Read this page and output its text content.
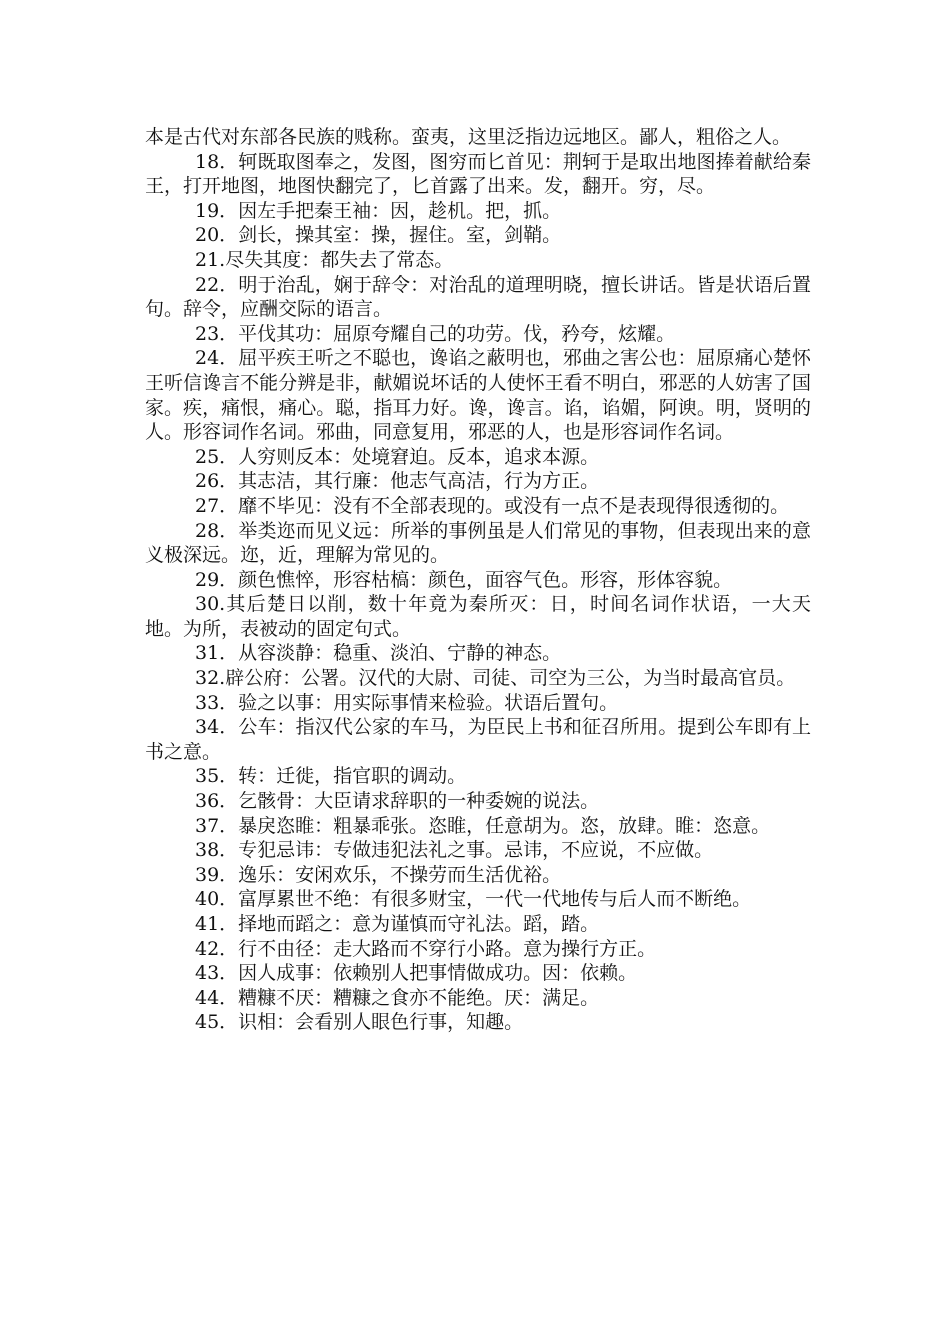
本是古代对东部各民族的贱称。蛮夷，这里泛指边远地区。鄙人，粗俗之人。

18．轲既取图奉之，发图，图穷而匕首见：荆轲于是取出地图捧着献给秦王，打开地图，地图快翻完了，匕首露了出来。发，翻开。穷，尽。

19．因左手把秦王袖：因，趁机。把，抓。

20．剑长，操其室：操，握住。室，剑鞘。

21.尽失其度：都失去了常态。

22．明于治乱，娴于辞令：对治乱的道理明晓，擅长讲话。皆是状语后置句。辞令，应酬交际的语言。

23．平伐其功：屈原夸耀自己的功劳。伐，矜夸，炫耀。

24．屈平疾王听之不聪也，谗谄之蔽明也，邪曲之害公也：屈原痛心楚怀王听信谗言不能分辨是非，献媚说坏话的人使怀王看不明白，邪恶的人妨害了国家。疾，痛恨，痛心。聪，指耳力好。谗，谗言。谄，谄媚，阿谀。明，贤明的人。形容词作名词。邪曲，同意复用，邪恶的人，也是形容词作名词。

25．人穷则反本：处境窘迫。反本，追求本源。

26．其志洁，其行廉：他志气高洁，行为方正。

27．靡不毕见：没有不全部表现的。或没有一点不是表现得很透彻的。

28．举类迩而见义远：所举的事例虽是人们常见的事物，但表现出来的意义极深远。迩，近，理解为常见的。

29．颜色憔悴，形容枯槁：颜色，面容气色。形容，形体容貌。

30.其后楚日以削，数十年竟为秦所灭：日，时间名词作状语，一大天地。为所，表被动的固定句式。

31．从容淡静：稳重、淡泊、宁静的神态。

32.辟公府：公署。汉代的大尉、司徒、司空为三公，为当时最高官员。

33．验之以事：用实际事情来检验。状语后置句。

34．公车：指汉代公家的车马，为臣民上书和征召所用。提到公车即有上书之意。

35．转：迁徙，指官职的调动。

36．乞骸骨：大臣请求辞职的一种委婉的说法。

37．暴戾恣睢：粗暴乖张。恣睢，任意胡为。恣，放肆。睢：恣意。

38．专犯忌讳：专做违犯法礼之事。忌讳，不应说，不应做。

39．逸乐：安闲欢乐，不操劳而生活优裕。

40．富厚累世不绝：有很多财宝，一代一代地传与后人而不断绝。

41．择地而蹈之：意为谨慎而守礼法。蹈，踏。

42．行不由径：走大路而不穿行小路。意为操行方正。

43．因人成事：依赖别人把事情做成功。因：依赖。

44．糟糠不厌：糟糠之食亦不能绝。厌：满足。

45．识相：会看别人眼色行事，知趣。
